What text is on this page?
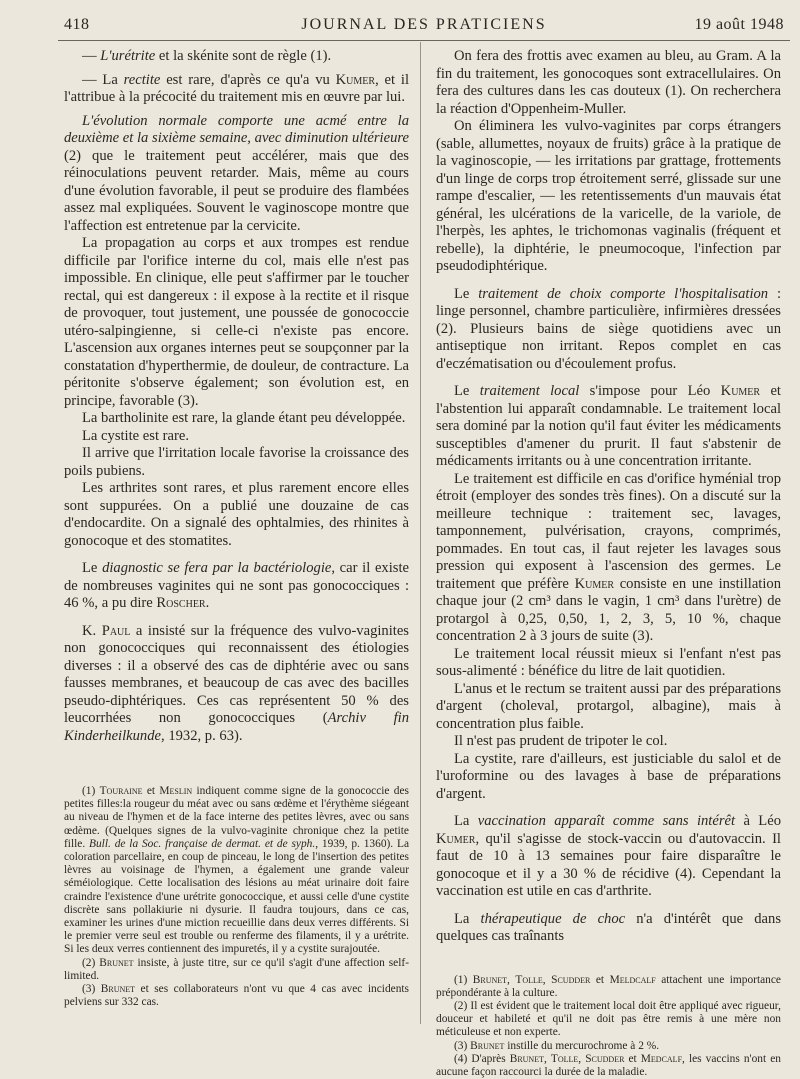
418	JOURNAL DES PRATICIENS	19 août 1948

— L'urétrite et la skénite sont de règle (1).

— La rectite est rare, d'après ce qu'a vu Kumer, et il l'attribue à la précocité du traitement mis en œuvre par lui.

L'évolution normale comporte une acmé entre la deuxième et la sixième semaine, avec diminution ultérieure (2) que le traitement peut accélérer, mais que des réinoculations peuvent retarder. Mais, même au cours d'une évolution favorable, il peut se produire des flambées assez mal expliquées. Souvent le vaginoscope montre que l'affection est entretenue par la cervicite.

La propagation au corps et aux trompes est rendue difficile par l'orifice interne du col, mais elle n'est pas impossible. En clinique, elle peut s'affirmer par le toucher rectal, qui est dangereux : il expose à la rectite et il risque de provoquer, tout justement, une poussée de gonococcie utéro-salpingienne, si celle-ci n'existe pas encore. L'ascension aux organes internes peut se soupçonner par la constatation d'hyperthermie, de douleur, de contracture. La péritonite s'observe également; son évolution est, en principe, favorable (3).

La bartholinite est rare, la glande étant peu développée.

La cystite est rare.

Il arrive que l'irritation locale favorise la croissance des poils pubiens.

Les arthrites sont rares, et plus rarement encore elles sont suppurées. On a publié une douzaine de cas d'endocardite. On a signalé des ophtalmies, des rhinites à gonocoque et des stomatites.

Le diagnostic se fera par la bactériologie, car il existe de nombreuses vaginites qui ne sont pas gonococciques : 46 %, a pu dire Roscher.

K. Paul a insisté sur la fréquence des vulvo-vaginites non gonococciques qui reconnaissent des étiologies diverses : il a observé des cas de diphtérie avec ou sans fausses membranes, et beaucoup de cas avec des bacilles pseudo-diphtériques. Ces cas représentent 50 % des leucorrhées non gonococciques (Archiv fin Kinderheilkunde, 1932, p. 63).

(1) Touraine et Meslin indiquent comme signe de la gonococcie des petites filles:la rougeur du méat avec ou sans œdème et l'érythème siégeant au niveau de l'hymen et de la face interne des petites lèvres, avec ou sans œdème. (Quelques signes de la vulvo-vaginite chronique chez la petite fille. Bull. de la Soc. française de dermat. et de syph., 1939, p. 1360). La coloration parcellaire, en coup de pinceau, le long de l'insertion des petites lèvres au voisinage de l'hymen, a également une grande valeur séméiologique. Cette localisation des lésions au méat urinaire doit faire craindre l'existence d'une urétrite gonococcique, et aussi celle d'une cystite discrète sans pollakiurie ni dysurie. Il faudra toujours, dans ce cas, examiner les urines d'une miction recueillie dans deux verres différents. Si le premier verre seul est trouble ou renferme des filaments, il y a urétrite. Si les deux verres contiennent des impuretés, il y a cystite surajoutée.

(2) Brunet insiste, à juste titre, sur ce qu'il s'agit d'une affection self-limited.

(3) Brunet et ses collaborateurs n'ont vu que 4 cas avec incidents pelviens sur 332 cas.

On fera des frottis avec examen au bleu, au Gram. A la fin du traitement, les gonocoques sont extracellulaires. On fera des cultures dans les cas douteux (1). On recherchera la réaction d'Oppenheim-Muller.

On éliminera les vulvo-vaginites par corps étrangers (sable, allumettes, noyaux de fruits) grâce à la pratique de la vaginoscopie, — les irritations par grattage, frottements d'un linge de corps trop étroitement serré, glissade sur une rampe d'escalier, — les retentissements d'un mauvais état général, les ulcérations de la varicelle, de la variole, de l'herpès, les aphtes, le trichomonas vaginalis (fréquent et rebelle), la diphtérie, le pneumocoque, l'infection par pseudodiphtérique.

Le traitement de choix comporte l'hospitalisation : linge personnel, chambre particulière, infirmières dressées (2). Plusieurs bains de siège quotidiens avec un antiseptique non irritant. Repos complet en cas d'eczématisation ou d'écoulement profus.

Le traitement local s'impose pour Léo Kumer et l'abstention lui apparaît condamnable. Le traitement local sera dominé par la notion qu'il faut éviter les médicaments susceptibles d'amener du prurit. Il faut s'abstenir de médicaments irritants ou à une concentration irritante.

Le traitement est difficile en cas d'orifice hyménial trop étroit (employer des sondes très fines). On a discuté sur la meilleure technique : traitement sec, lavages, tamponnement, pulvérisation, crayons, comprimés, pommades. En tout cas, il faut rejeter les lavages sous pression qui exposent à l'ascension des germes. Le traitement que préfère Kumer consiste en une instillation chaque jour (2 cm³ dans le vagin, 1 cm³ dans l'urètre) de protargol à 0,25, 0,50, 1, 2, 3, 5, 10 %, chaque concentration 2 à 3 jours de suite (3).

Le traitement local réussit mieux si l'enfant n'est pas sous-alimenté : bénéfice du litre de lait quotidien.

L'anus et le rectum se traitent aussi par des préparations d'argent (choleval, protargol, albagine), mais à concentration plus faible.

Il n'est pas prudent de tripoter le col.

La cystite, rare d'ailleurs, est justiciable du salol et de l'uroformine ou des lavages à base de préparations d'argent.

La vaccination apparaît comme sans intérêt à Léo Kumer, qu'il s'agisse de stock-vaccin ou d'autovaccin. Il faut de 10 à 13 semaines pour faire disparaître le gonocoque et il y a 30 % de récidive (4). Cependant la vaccination est utile en cas d'arthrite.

La thérapeutique de choc n'a d'intérêt que dans quelques cas traînants

(1) Brunet, Tolle, Scudder et Meldcalf attachent une importance prépondérante à la culture.

(2) Il est évident que le traitement local doit être appliqué avec rigueur, douceur et habileté et qu'il ne doit pas être remis à une mère non méticuleuse et non experte.

(3) Brunet instille du mercurochrome à 2 %.

(4) D'après Brunet, Tolle, Scudder et Medcalf, les vaccins n'ont en aucune façon raccourci la durée de la maladie.
